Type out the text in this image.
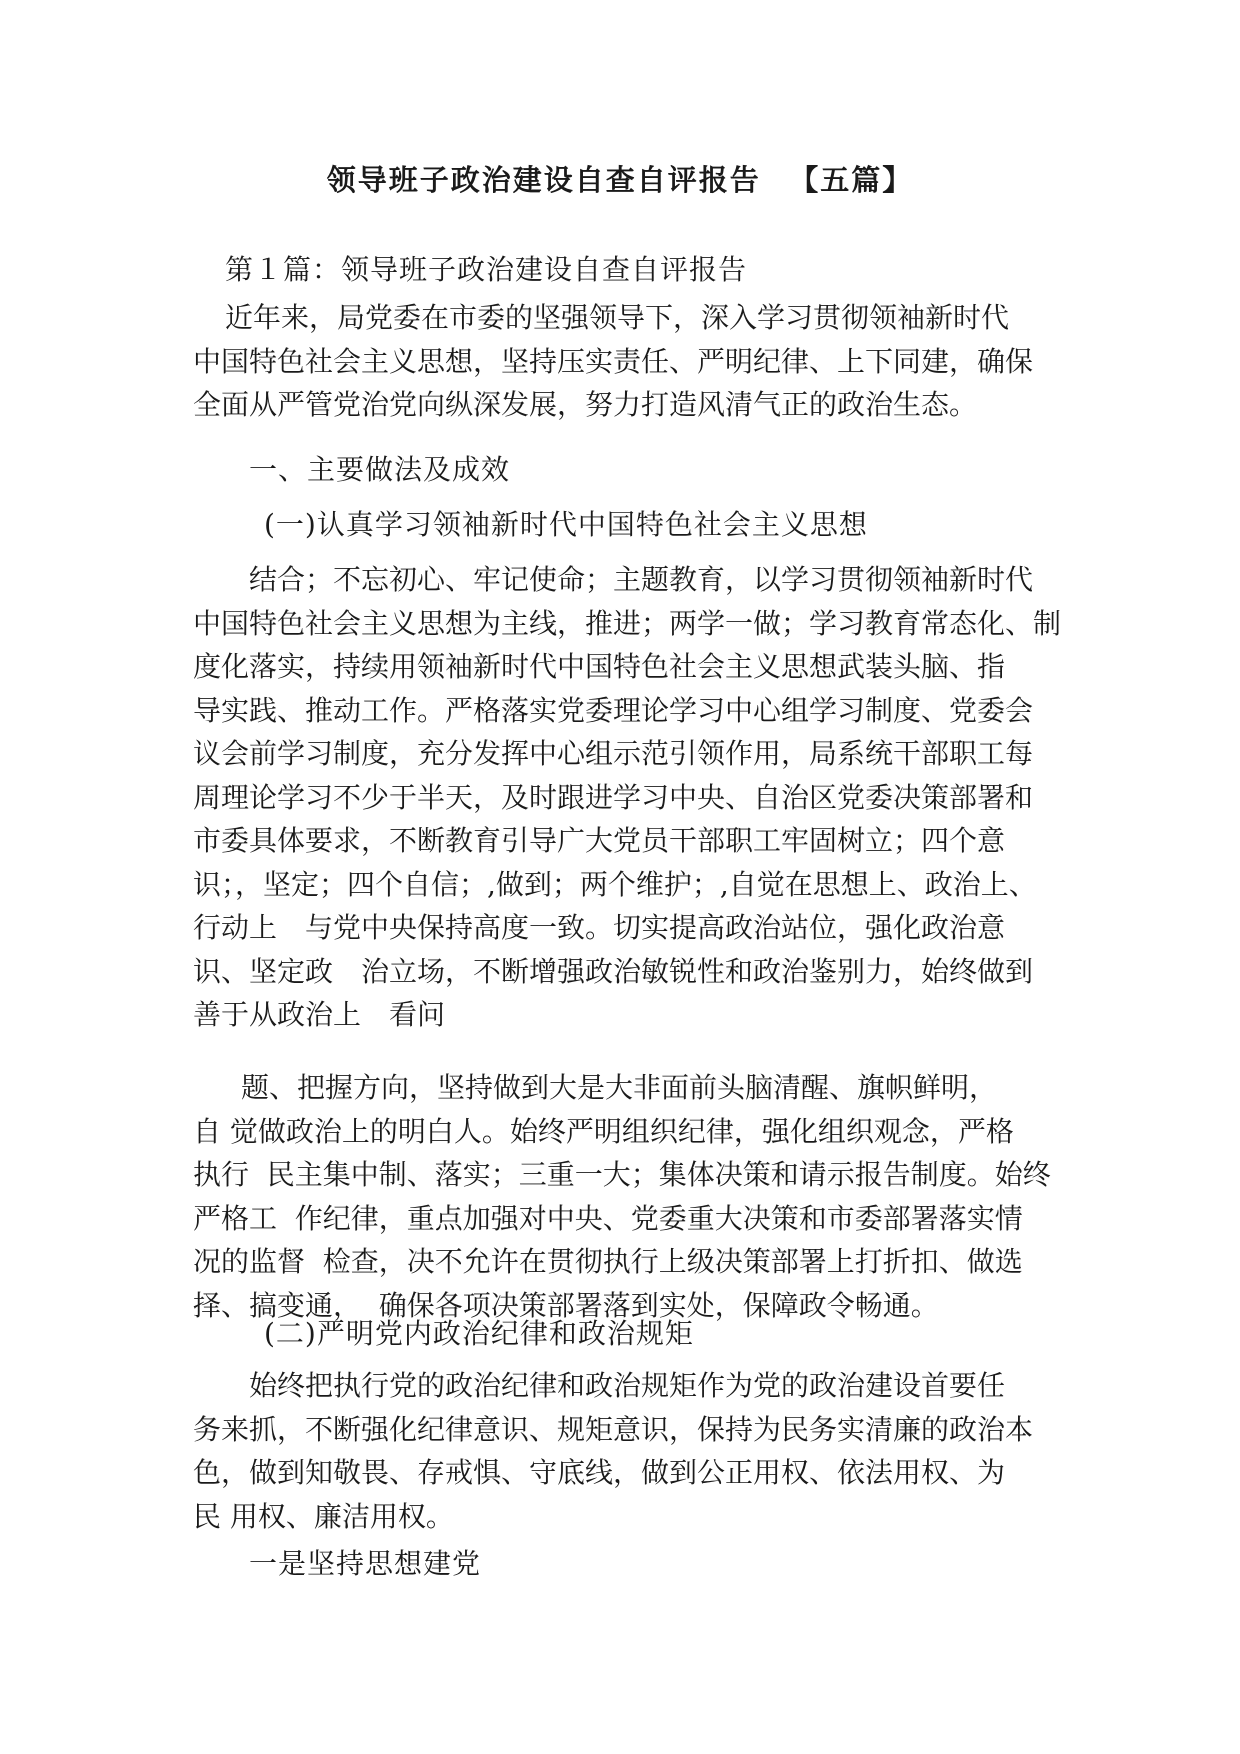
领导班子政治建设自查自评报告 　【五篇】

第１篇：领导班子政治建设自查自评报告

近年来，局党委在市委的坚强领导下，深入学习贯彻领袖新时代
中国特色社会主义思想，坚持压实责任、严明纪律、上下同建，确保
全面从严管党治党向纵深发展，努力打造风清气正的政治生态。

一、主要做法及成效

(一)认真学习领袖新时代中国特色社会主义思想

结合；不忘初心、牢记使命；主题教育，以学习贯彻领袖新时代
中国特色社会主义思想为主线，推进；两学一做；学习教育常态化、制
度化落实，持续用领袖新时代中国特色社会主义思想武装头脑、指
导实践、推动工作。严格落实党委理论学习中心组学习制度、党委会
议会前学习制度，充分发挥中心组示范引领作用，局系统干部职工每
周理论学习不少于半天，及时跟进学习中央、自治区党委决策部署和
市委具体要求，不断教育引导广大党员干部职工牢固树立；四个意
识；，坚定；四个自信；,做到；两个维护；,自觉在思想上、政治上、
行动上　与党中央保持高度一致。切实提高政治站位，强化政治意
识、坚定政　治立场，不断增强政治敏锐性和政治鉴别力，始终做到
善于从政治上　看问
题、把握方向，坚持做到大是大非面前头脑清醒、旗帜鲜明，
自 觉做政治上的明白人。始终严明组织纪律，强化组织观念，严格
执行  民主集中制、落实；三重一大；集体决策和请示报告制度。始终
严格工  作纪律，重点加强对中央、党委重大决策和市委部署落实情
况的监督  检查，决不允许在贯彻执行上级决策部署上打折扣、做选
择、搞变通，  确保各项决策部署落到实处，保障政令畅通。

(二)严明党内政治纪律和政治规矩

始终把执行党的政治纪律和政治规矩作为党的政治建设首要任
务来抓，不断强化纪律意识、规矩意识，保持为民务实清廉的政治本
色，做到知敬畏、存戒惧、守底线，做到公正用权、依法用权、为
民 用权、廉洁用权。

一是坚持思想建党
